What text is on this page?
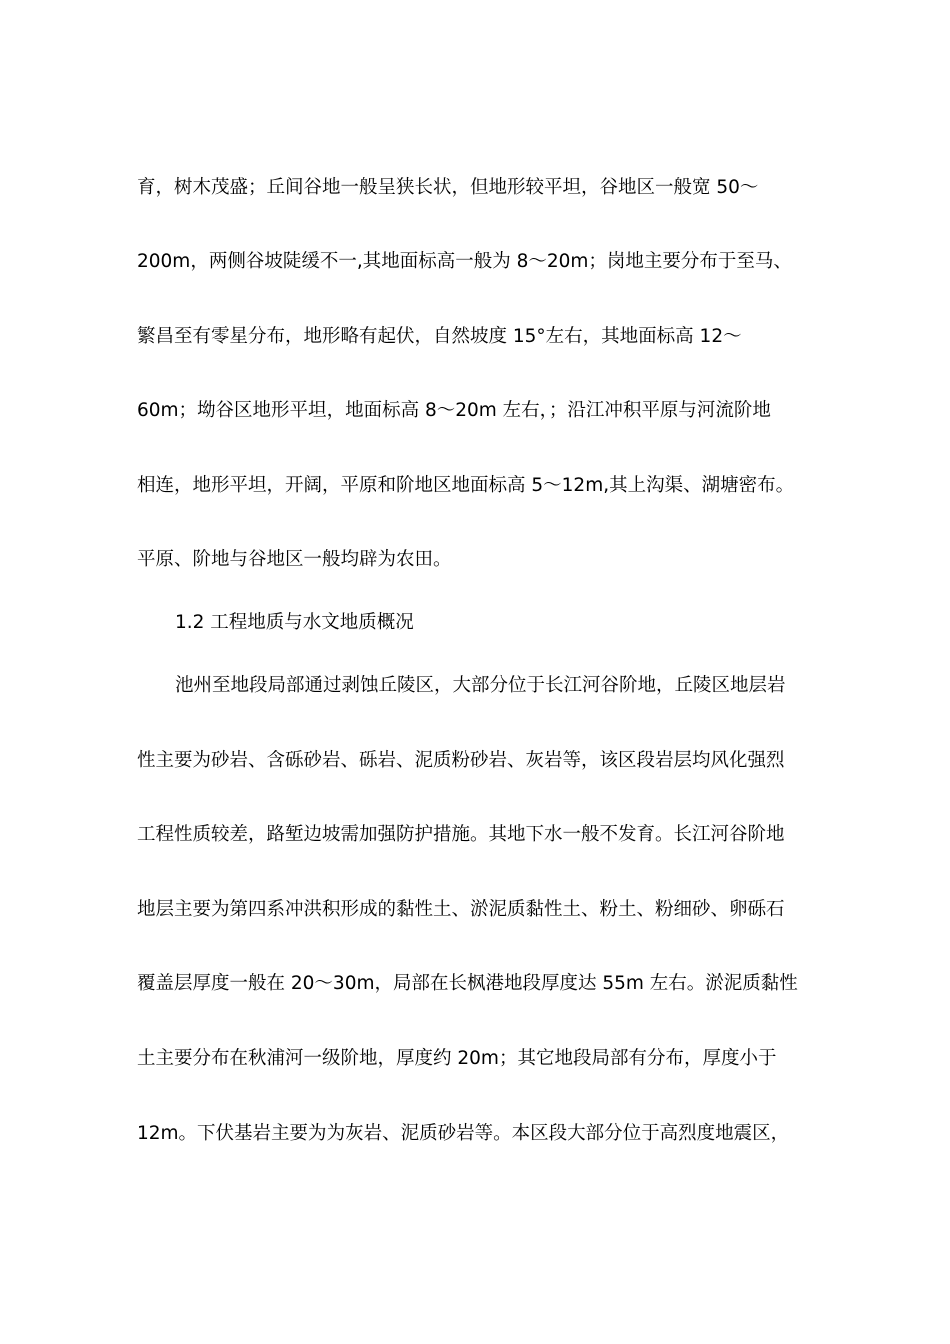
育，树木茂盛；丘间谷地一般呈狭长状，但地形较平坦，谷地区一般宽 50～
200m，两侧谷坡陡缓不一,其地面标高一般为 8～20m；岗地主要分布于至马、
繁昌至有零星分布，地形略有起伏，自然坡度 15°左右，其地面标高 12～
60m；坳谷区地形平坦，地面标高 8～20m 左右，；沿江冲积平原与河流阶地
相连，地形平坦，开阔，平原和阶地区地面标高 5～12m,其上沟渠、湖塘密布。
平原、阶地与谷地区一般均辟为农田。
1.2 工程地质与水文地质概况
池州至地段局部通过剥蚀丘陵区，大部分位于长江河谷阶地，丘陵区地层岩
性主要为砂岩、含砾砂岩、砾岩、泥质粉砂岩、灰岩等，该区段岩层均风化强烈
工程性质较差，路堑边坡需加强防护措施。其地下水一般不发育。长江河谷阶地
地层主要为第四系冲洪积形成的黏性土、淤泥质黏性土、粉土、粉细砂、卵砾石
覆盖层厚度一般在 20～30m，局部在长枫港地段厚度达 55m 左右。淤泥质黏性
土主要分布在秋浦河一级阶地，厚度约 20m；其它地段局部有分布，厚度小于
12m。下伏基岩主要为为灰岩、泥质砂岩等。本区段大部分位于高烈度地震区，
